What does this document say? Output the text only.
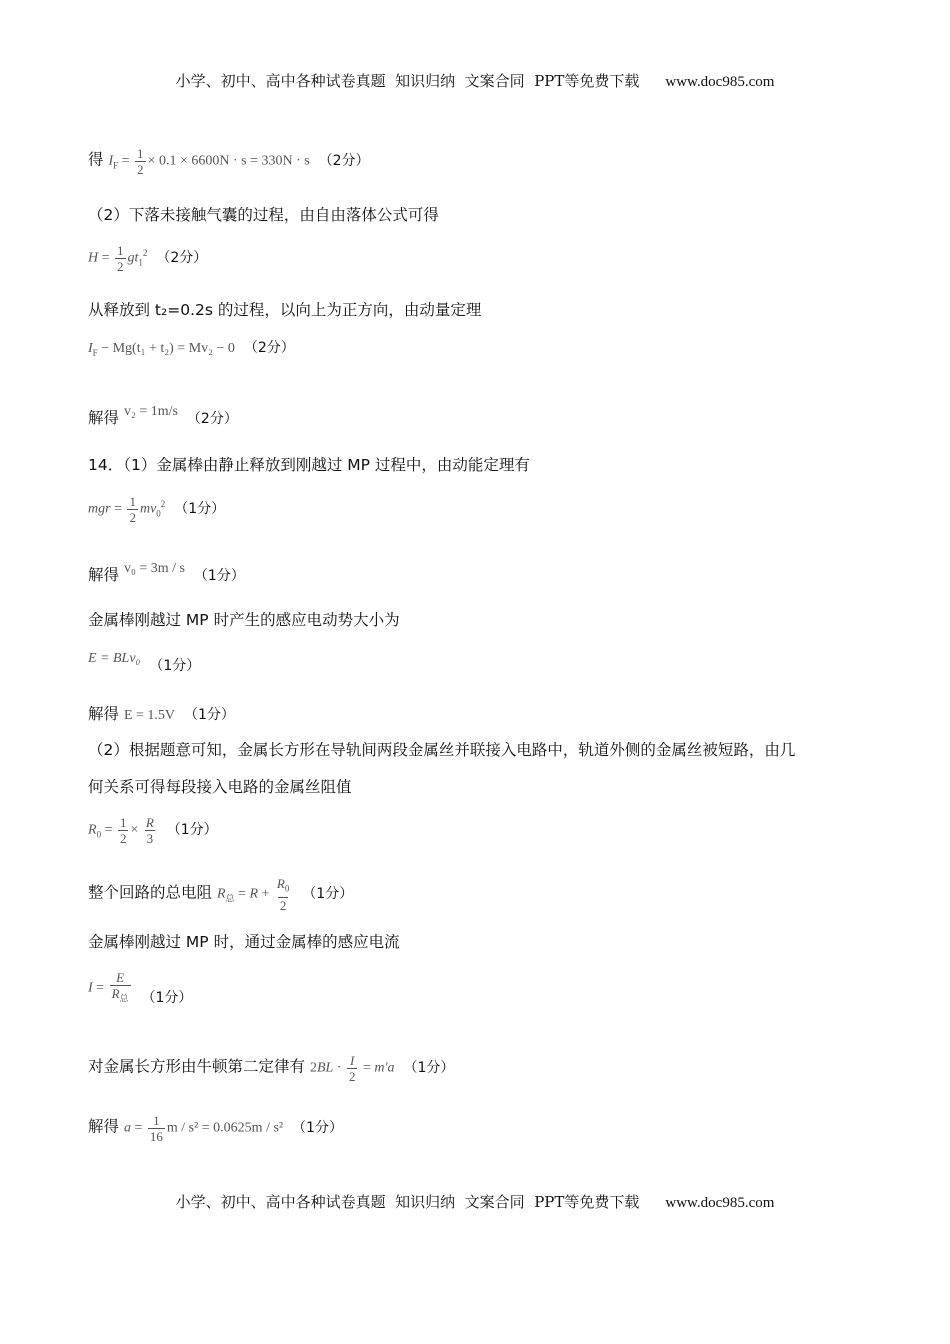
小学、初中、高中各种试卷真题  知识归纳  文案合同  PPT等免费下载 www.doc985.com
得 $I_F = \frac{1}{2} \times 0.1 \times 6600N \cdot s = 330N \cdot s$ （2分）
（2）下落未接触气囊的过程，由自由落体公式可得
$H = \frac{1}{2} gt_1^2$ （2分）
从释放到 t₂=0.2s 的过程，以向上为正方向，由动量定理
$I_F - Mg(t_1 + t_2) = Mv_2 - 0$ （2分）
解得 v₂ = 1m/s （2分）
14．（1）金属棒由静止释放到刚越过 MP 过程中，由动能定理有
mgr = $\frac{1}{2} mv_0^2$ （1分）
解得 v₀ = 3m / s （1分）
金属棒刚越过 MP 时产生的感应电动势大小为
E = BLv₀ （1分）
解得 E = 1.5V （1分）
（2）根据题意可知，金属长方形在导轨间两段金属丝并联接入电路中，轨道外侧的金属丝被短路，由几
何关系可得每段接入电路的金属丝阻值
$R_0 = \frac{1}{2} \times \frac{R}{3} (1$分）
整个回路的总电阻 $R_总 = R + \frac{R_0}{2} (1$分）
金属棒刚越过 MP 时，通过金属棒的感应电流
$I = \frac{E}{R_总} (1$分）
对金属长方形由牛顿第二定律有 $2BL \cdot \frac{I}{2} = m'a$ （1分）
解得 $a = \frac{1}{16}$ m / s² = 0.0625m / s² （1分）
小学、初中、高中各种试卷真题  知识归纳  文案合同  PPT等免费下载 www.doc985.com
